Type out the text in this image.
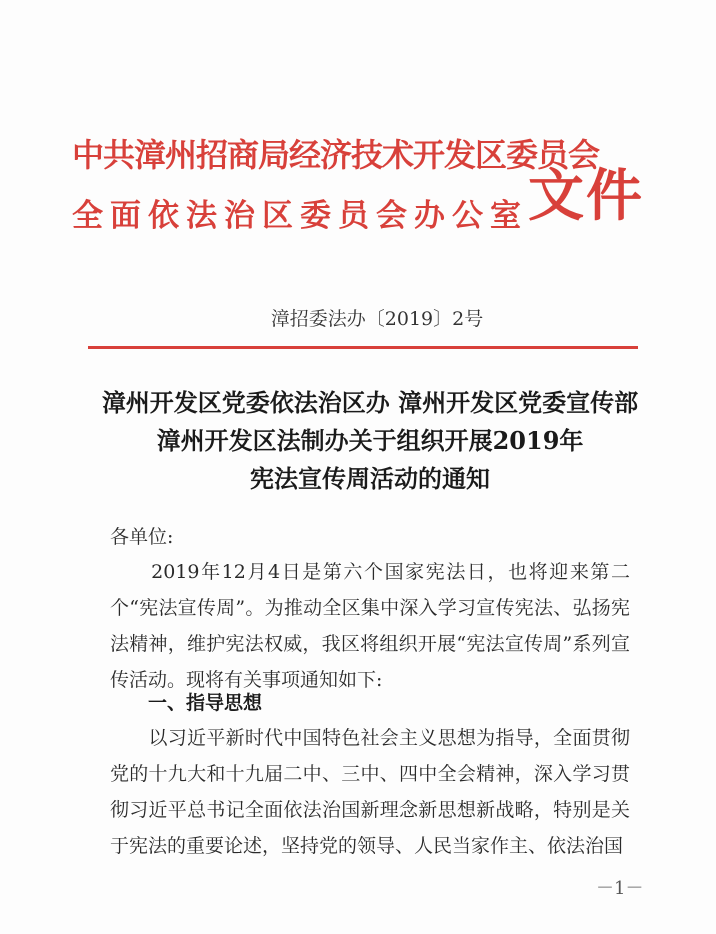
中共漳州招商局经济技术开发区委员会
全面依法治区委员会办公室 文件
漳招委法办〔2019〕2号
漳州开发区党委依法治区办 漳州开发区党委宣传部
漳州开发区法制办关于组织开展2019年
宪法宣传周活动的通知
各单位:
　　2019年12月4日是第六个国家宪法日，也将迎来第二个“宪法宣传周”。为推动全区集中深入学习宣传宪法、弘扬宪法精神，维护宪法权威，我区将组织开展“宪法宣传周”系列宣传活动。现将有关事项通知如下:
一、指导思想
　　以习近平新时代中国特色社会主义思想为指导，全面贯彻党的十九大和十九届二中、三中、四中全会精神，深入学习贯彻习近平总书记全面依法治国新理念新思想新战略，特别是关于宪法的重要论述，坚持党的领导、人民当家作主、依法治国
－1－
